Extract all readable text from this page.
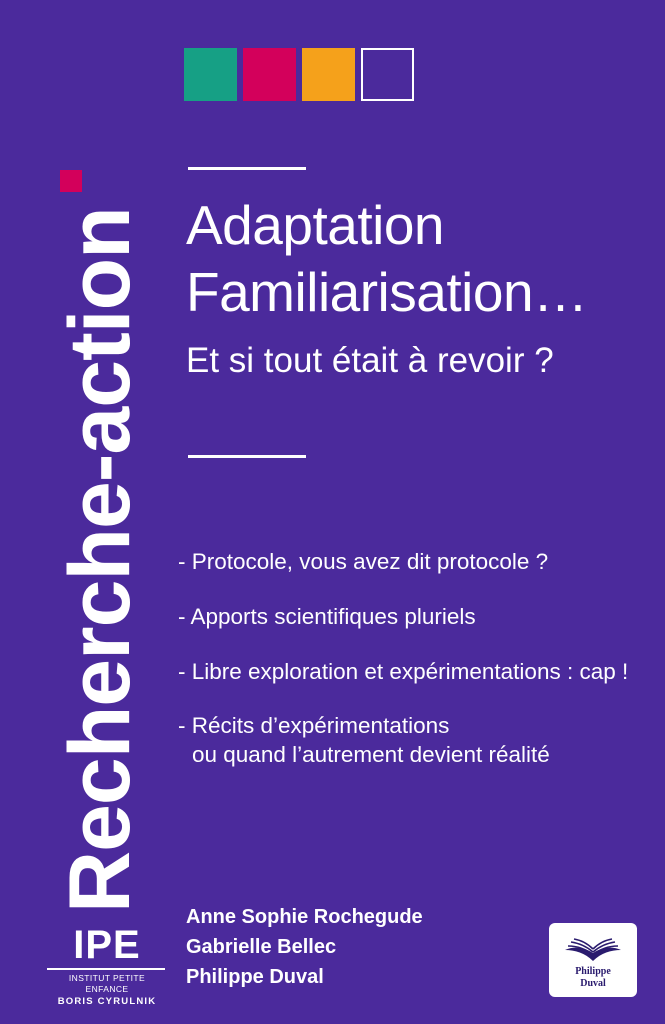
Recherche-action Adaptation
Familiarisation…
Et si tout était à revoir ?
- Protocole, vous avez dit protocole ?
- Apports scientifiques pluriels
- Libre exploration et expérimentations : cap !
- Récits d’expérimentations
ou quand l’autrement devient réalité
Anne Sophie Rochegude
Gabrielle Bellec
Philippe Duval
IPE
INSTITUT PETITE ENFANCE
BORIS CYRULNIK
Philippe
Duval
